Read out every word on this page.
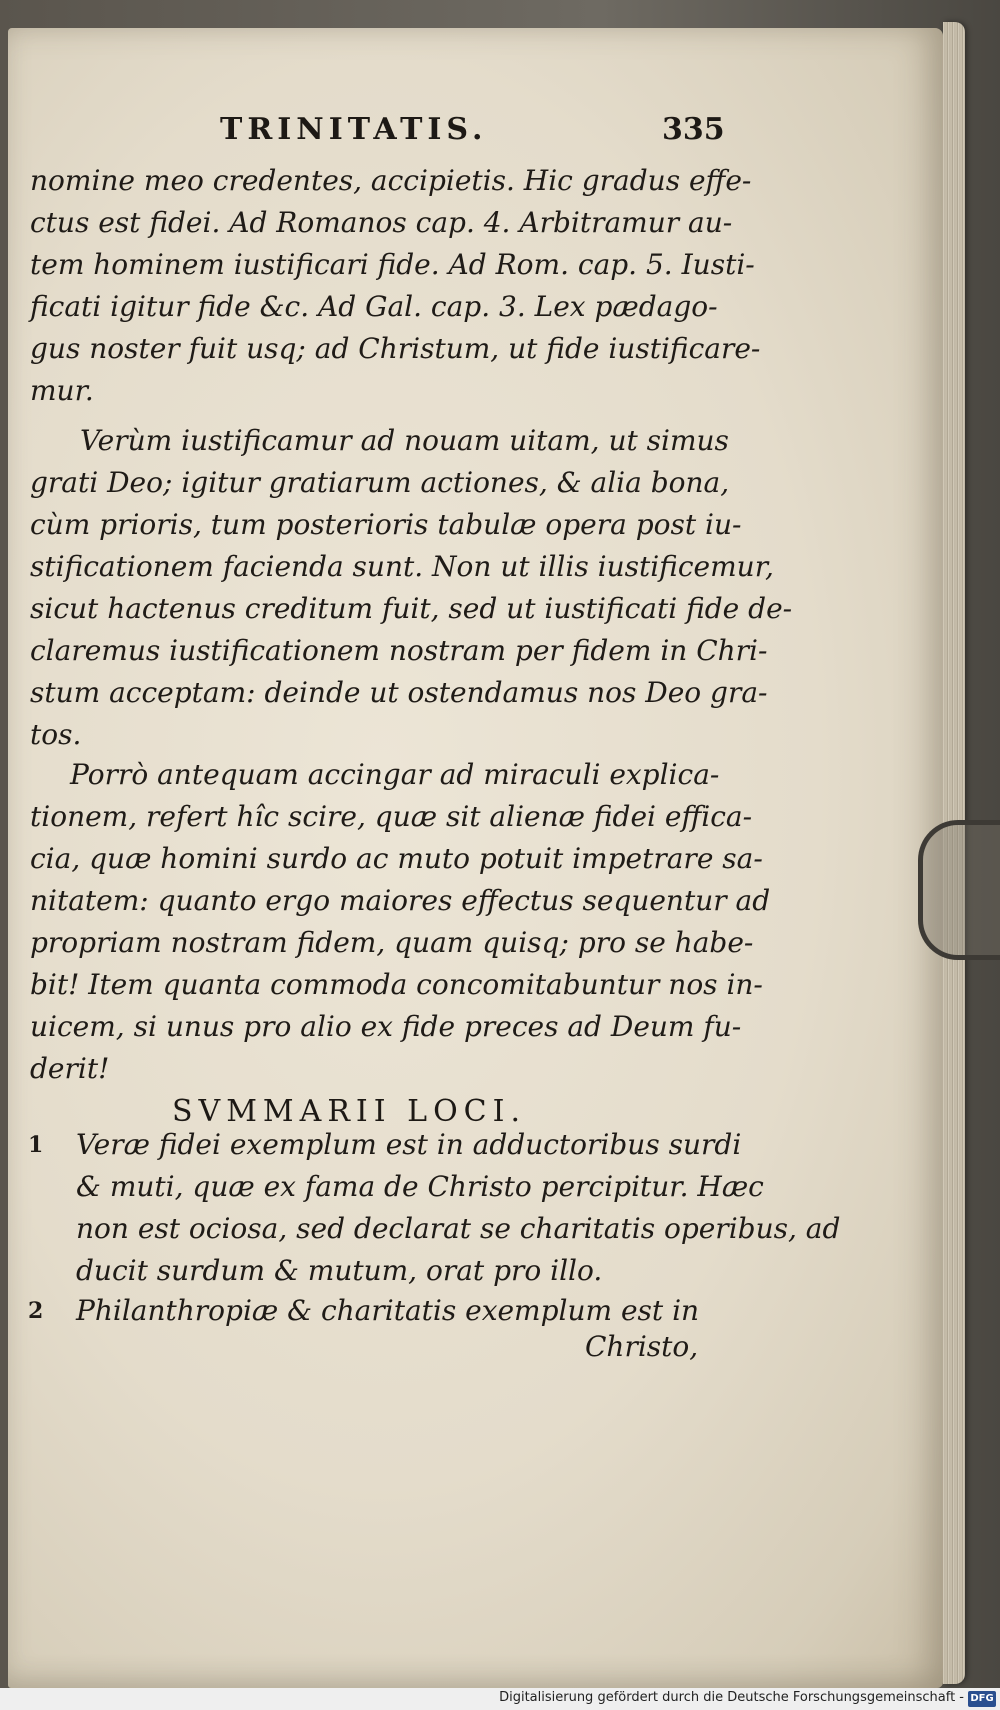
TRINITATIS.	335
nomine meo credentes, accipietis. Hic gradus effe-
ctus est fidei. Ad Romanos cap. 4. Arbitramur au-
tem hominem iustificari fide. Ad Rom. cap. 5. Iusti-
ficati igitur fide &c. Ad Gal. cap. 3. Lex pædago-
gus noster fuit usq; ad Christum, ut fide iustificare-
mur.
Verùm iustificamur ad nouam uitam, ut simus
grati Deo; igitur gratiarum actiones, & alia bona,
cùm prioris, tum posterioris tabulæ opera post iu-
stificationem facienda sunt. Non ut illis iustificemur,
sicut hactenus creditum fuit, sed ut iustificati fide de-
claremus iustificationem nostram per fidem in Chri-
stum acceptam: deinde ut ostendamus nos Deo gra-
tos.
Porrò antequam accingar ad miraculi explica-
tionem, refert hîc scire, quæ sit alienæ fidei effica-
cia, quæ homini surdo ac muto potuit impetrare sa-
nitatem: quanto ergo maiores effectus sequentur ad
propriam nostram fidem, quam quisq; pro se habe-
bit! Item quanta commoda concomitabuntur nos in-
uicem, si unus pro alio ex fide preces ad Deum fu-
derit!
SVMMARII LOCI.
1 Veræ fidei exemplum est in adductoribus surdi
& muti, quæ ex fama de Christo percipitur. Hæc
non est ociosa, sed declarat se charitatis operibus, ad
ducit surdum & mutum, orat pro illo.
2 Philanthropiæ & charitatis exemplum est in
Christo,
Digitalisierung gefördert durch die Deutsche Forschungsgemeinschaft - DFG
